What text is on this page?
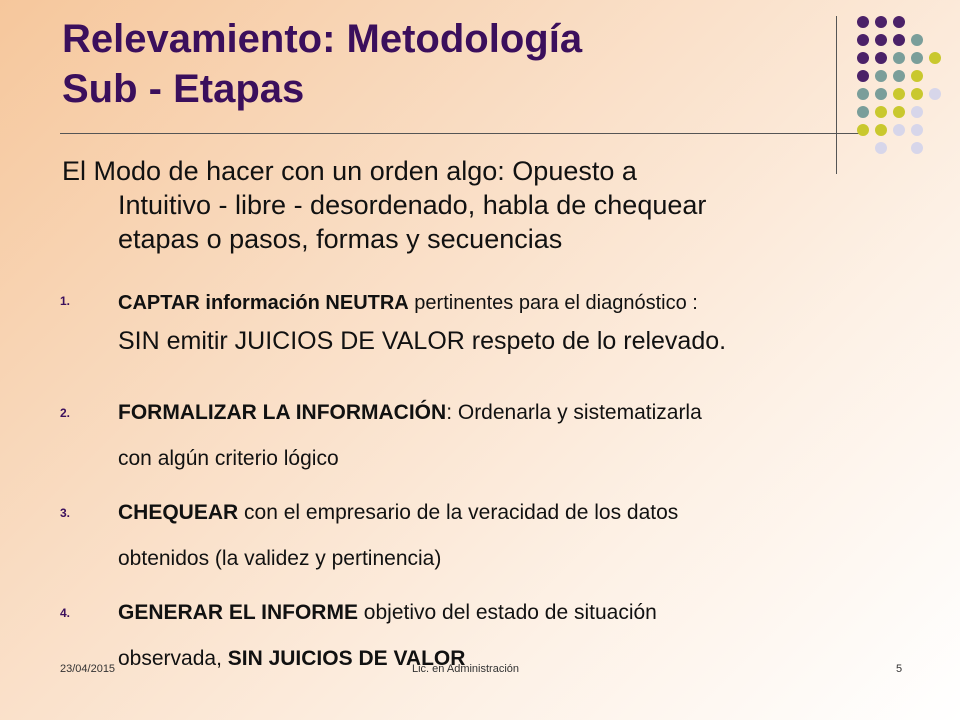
Relevamiento: Metodología
Sub - Etapas
El Modo de hacer con un orden algo: Opuesto a
Intuitivo - libre - desordenado, habla de chequear
etapas o pasos, formas y secuencias
1. CAPTAR información NEUTRA pertinentes para el diagnóstico :
SIN emitir JUICIOS DE VALOR respeto de lo relevado.
2. FORMALIZAR LA INFORMACIÓN: Ordenarla y sistematizarla
con algún criterio lógico
3. CHEQUEAR con el empresario de la veracidad de los datos
obtenidos (la validez y pertinencia)
4. GENERAR EL INFORME objetivo del estado de situación
observada, SIN JUICIOS DE VALOR
23/04/2015	Lic. en Administración	5
